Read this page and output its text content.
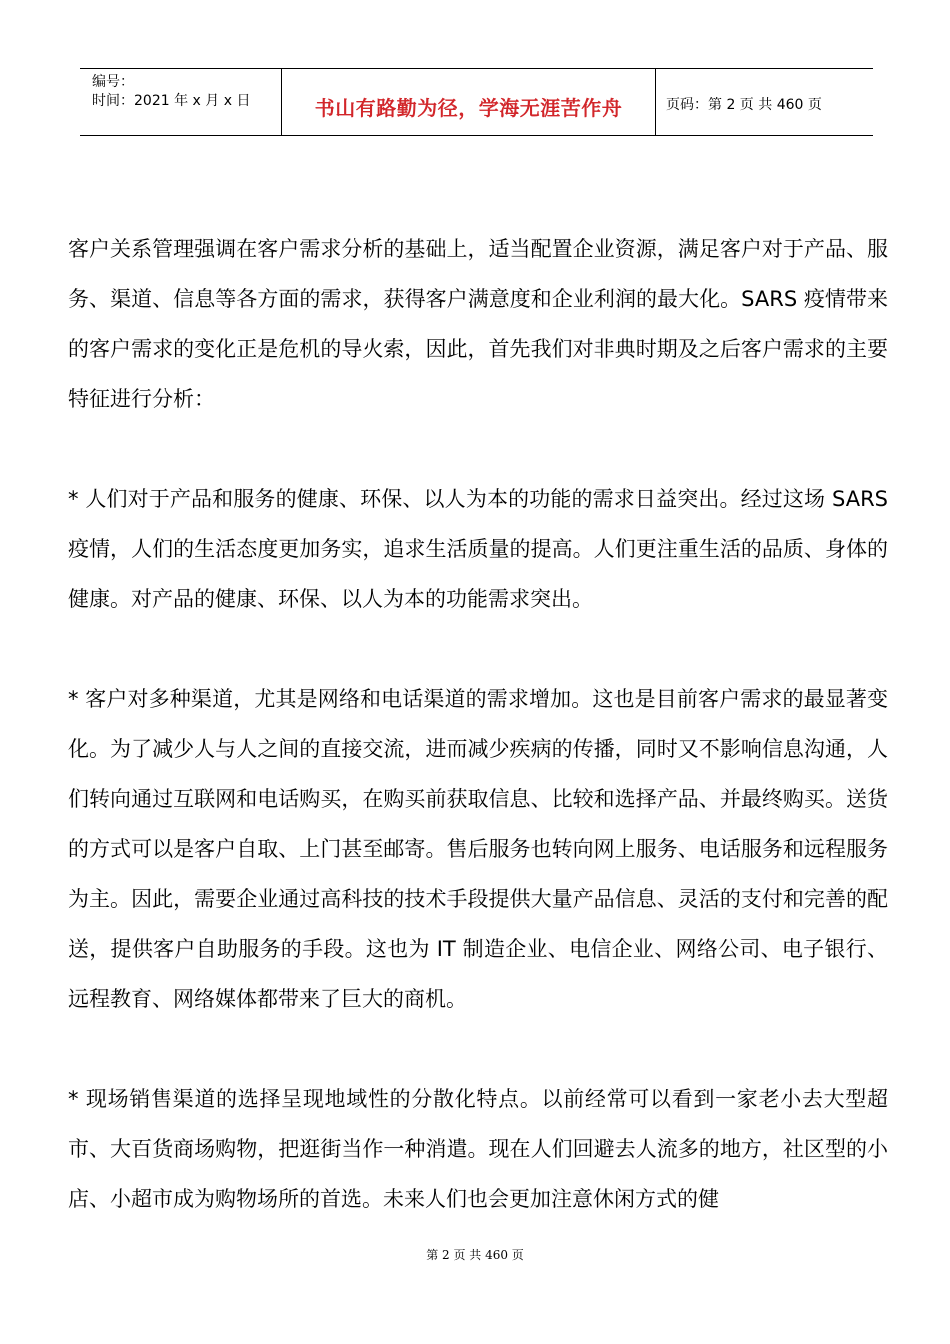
编号：
时间：2021 年 x 月 x 日	书山有路勤为径，学海无涯苦作舟	页码：第 2 页 共 460 页

客户关系管理强调在客户需求分析的基础上，适当配置企业资源，满足客户对于产品、服务、渠道、信息等各方面的需求，获得客户满意度和企业利润的最大化。SARS 疫情带来的客户需求的变化正是危机的导火索，因此，首先我们对非典时期及之后客户需求的主要特征进行分析：

* 人们对于产品和服务的健康、环保、以人为本的功能的需求日益突出。经过这场 SARS 疫情，人们的生活态度更加务实，追求生活质量的提高。人们更注重生活的品质、身体的健康。对产品的健康、环保、以人为本的功能需求突出。

* 客户对多种渠道，尤其是网络和电话渠道的需求增加。这也是目前客户需求的最显著变化。为了减少人与人之间的直接交流，进而减少疾病的传播，同时又不影响信息沟通，人们转向通过互联网和电话购买，在购买前获取信息、比较和选择产品、并最终购买。送货的方式可以是客户自取、上门甚至邮寄。售后服务也转向网上服务、电话服务和远程服务为主。因此，需要企业通过高科技的技术手段提供大量产品信息、灵活的支付和完善的配送，提供客户自助服务的手段。这也为 IT 制造企业、电信企业、网络公司、电子银行、远程教育、网络媒体都带来了巨大的商机。

* 现场销售渠道的选择呈现地域性的分散化特点。以前经常可以看到一家老小去大型超市、大百货商场购物，把逛街当作一种消遣。现在人们回避去人流多的地方，社区型的小店、小超市成为购物场所的首选。未来人们也会更加注意休闲方式的健

第 2 页 共 460 页
